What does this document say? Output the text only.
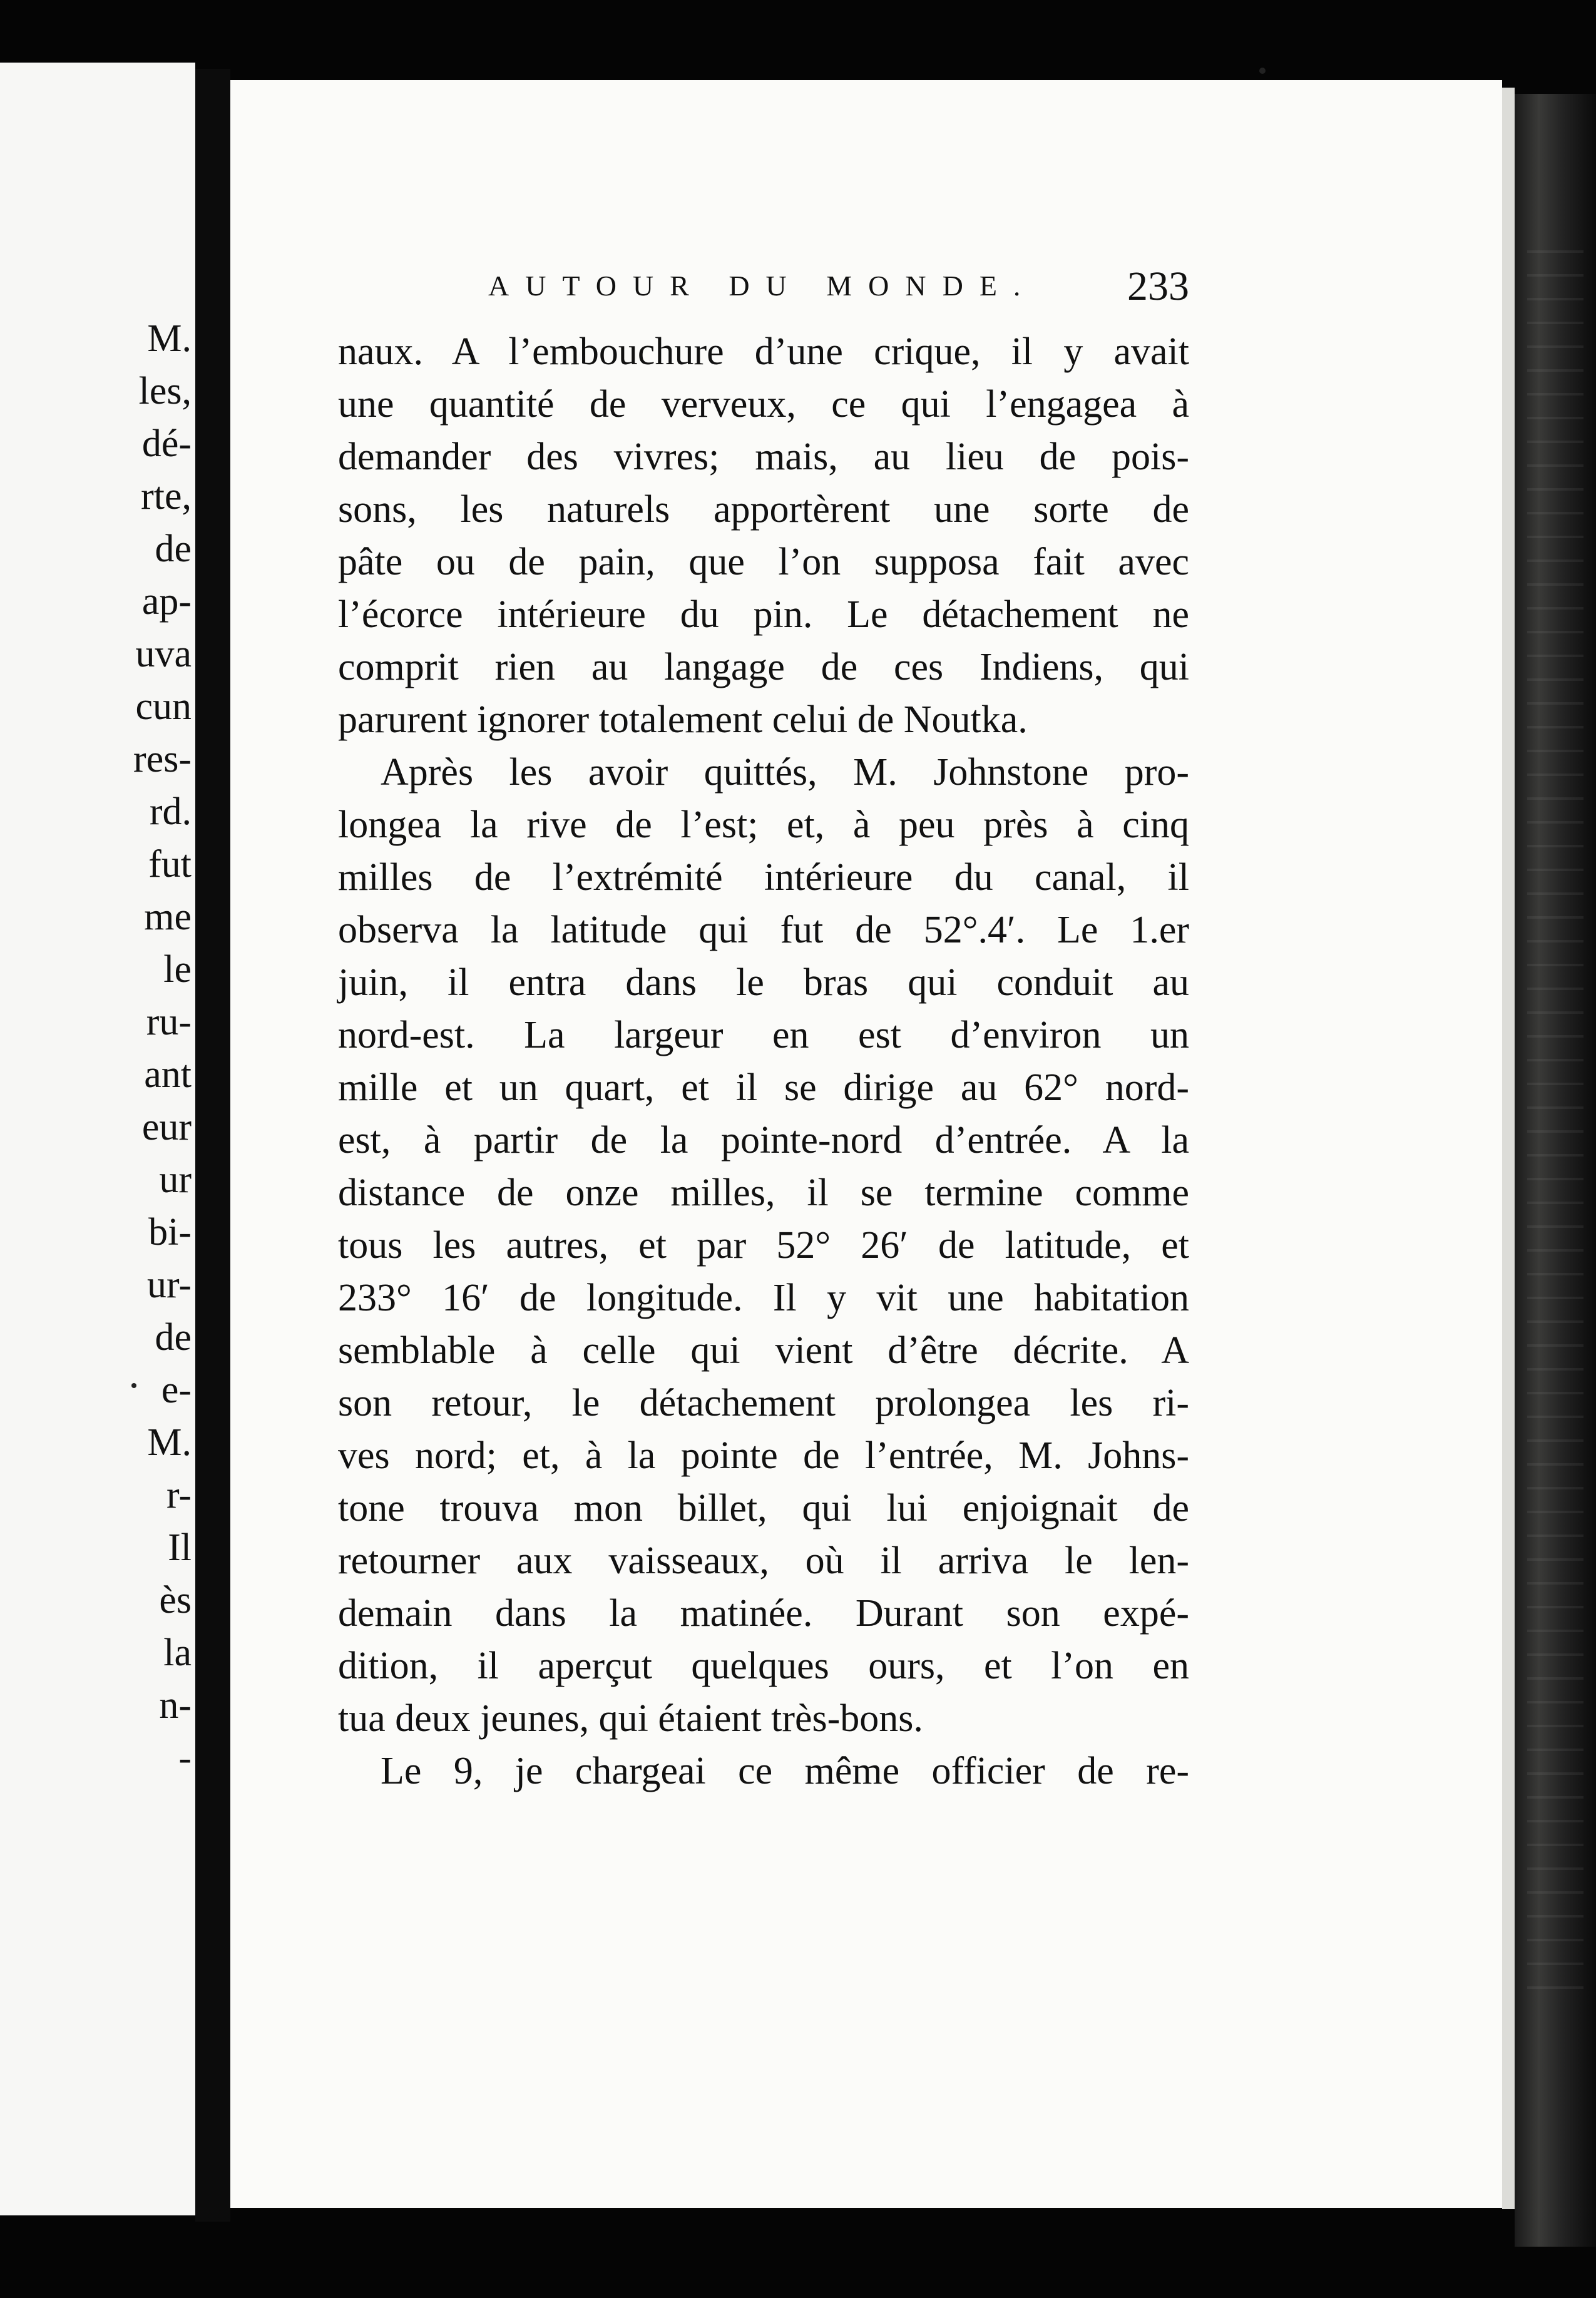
M.
les,
dé-
rte,
de
ap-
uva
cun
res-
rd.
fut
me
le
ru-
ant
eur
ur
bi-
ur-
de
e-
M.
r-
Il
ès
la
n-
-
AUTOUR DU MONDE. 233
naux. A l’embouchure d’une crique, il y avait
une quantité de verveux, ce qui l’engagea à
demander des vivres; mais, au lieu de pois-
sons, les naturels apportèrent une sorte de
pâte ou de pain, que l’on supposa fait avec
l’écorce intérieure du pin. Le détachement ne
comprit rien au langage de ces Indiens, qui
parurent ignorer totalement celui de Noutka.
Après les avoir quittés, M. Johnstone pro-
longea la rive de l’est; et, à peu près à cinq
milles de l’extrémité intérieure du canal, il
observa la latitude qui fut de 52°.4′. Le 1.er
juin, il entra dans le bras qui conduit au
nord-est. La largeur en est d’environ un
mille et un quart, et il se dirige au 62° nord-
est, à partir de la pointe-nord d’entrée. A la
distance de onze milles, il se termine comme
tous les autres, et par 52° 26′ de latitude, et
233° 16′ de longitude. Il y vit une habitation
semblable à celle qui vient d’être décrite. A
son retour, le détachement prolongea les ri-
ves nord; et, à la pointe de l’entrée, M. Johns-
tone trouva mon billet, qui lui enjoignait de
retourner aux vaisseaux, où il arriva le len-
demain dans la matinée. Durant son expé-
dition, il aperçut quelques ours, et l’on en
tua deux jeunes, qui étaient très-bons.
Le 9, je chargeai ce même officier de re-
